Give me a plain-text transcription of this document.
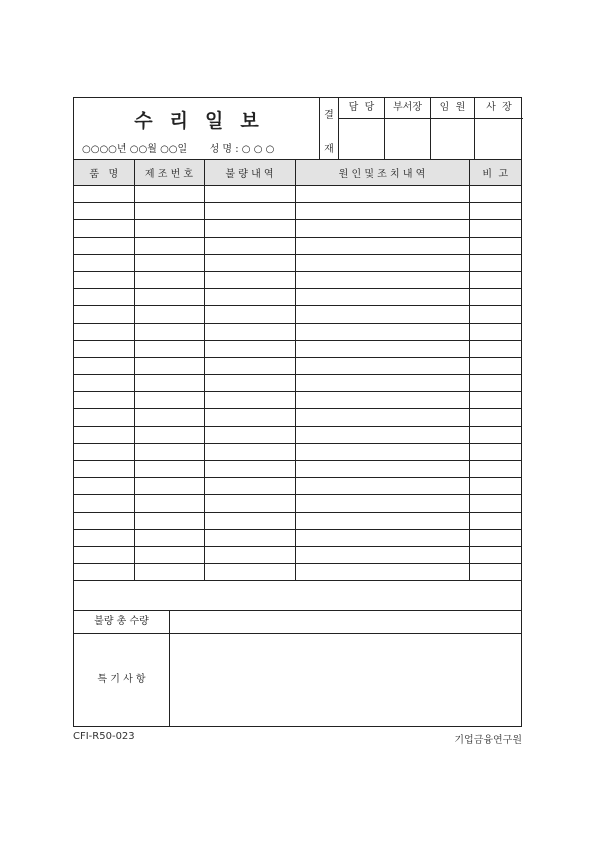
수리일보
○○○○년 ○○월 ○○일 성 명 : ○ ○ ○
결
재
담  당	부서장	임  원	사  장
품   명	제 조 번 호	불 량 내 역	원 인 및 조 치 내 역	비  고

불량 총 수량
특 기 사 항
CFI-R50-023	기업금융연구원
